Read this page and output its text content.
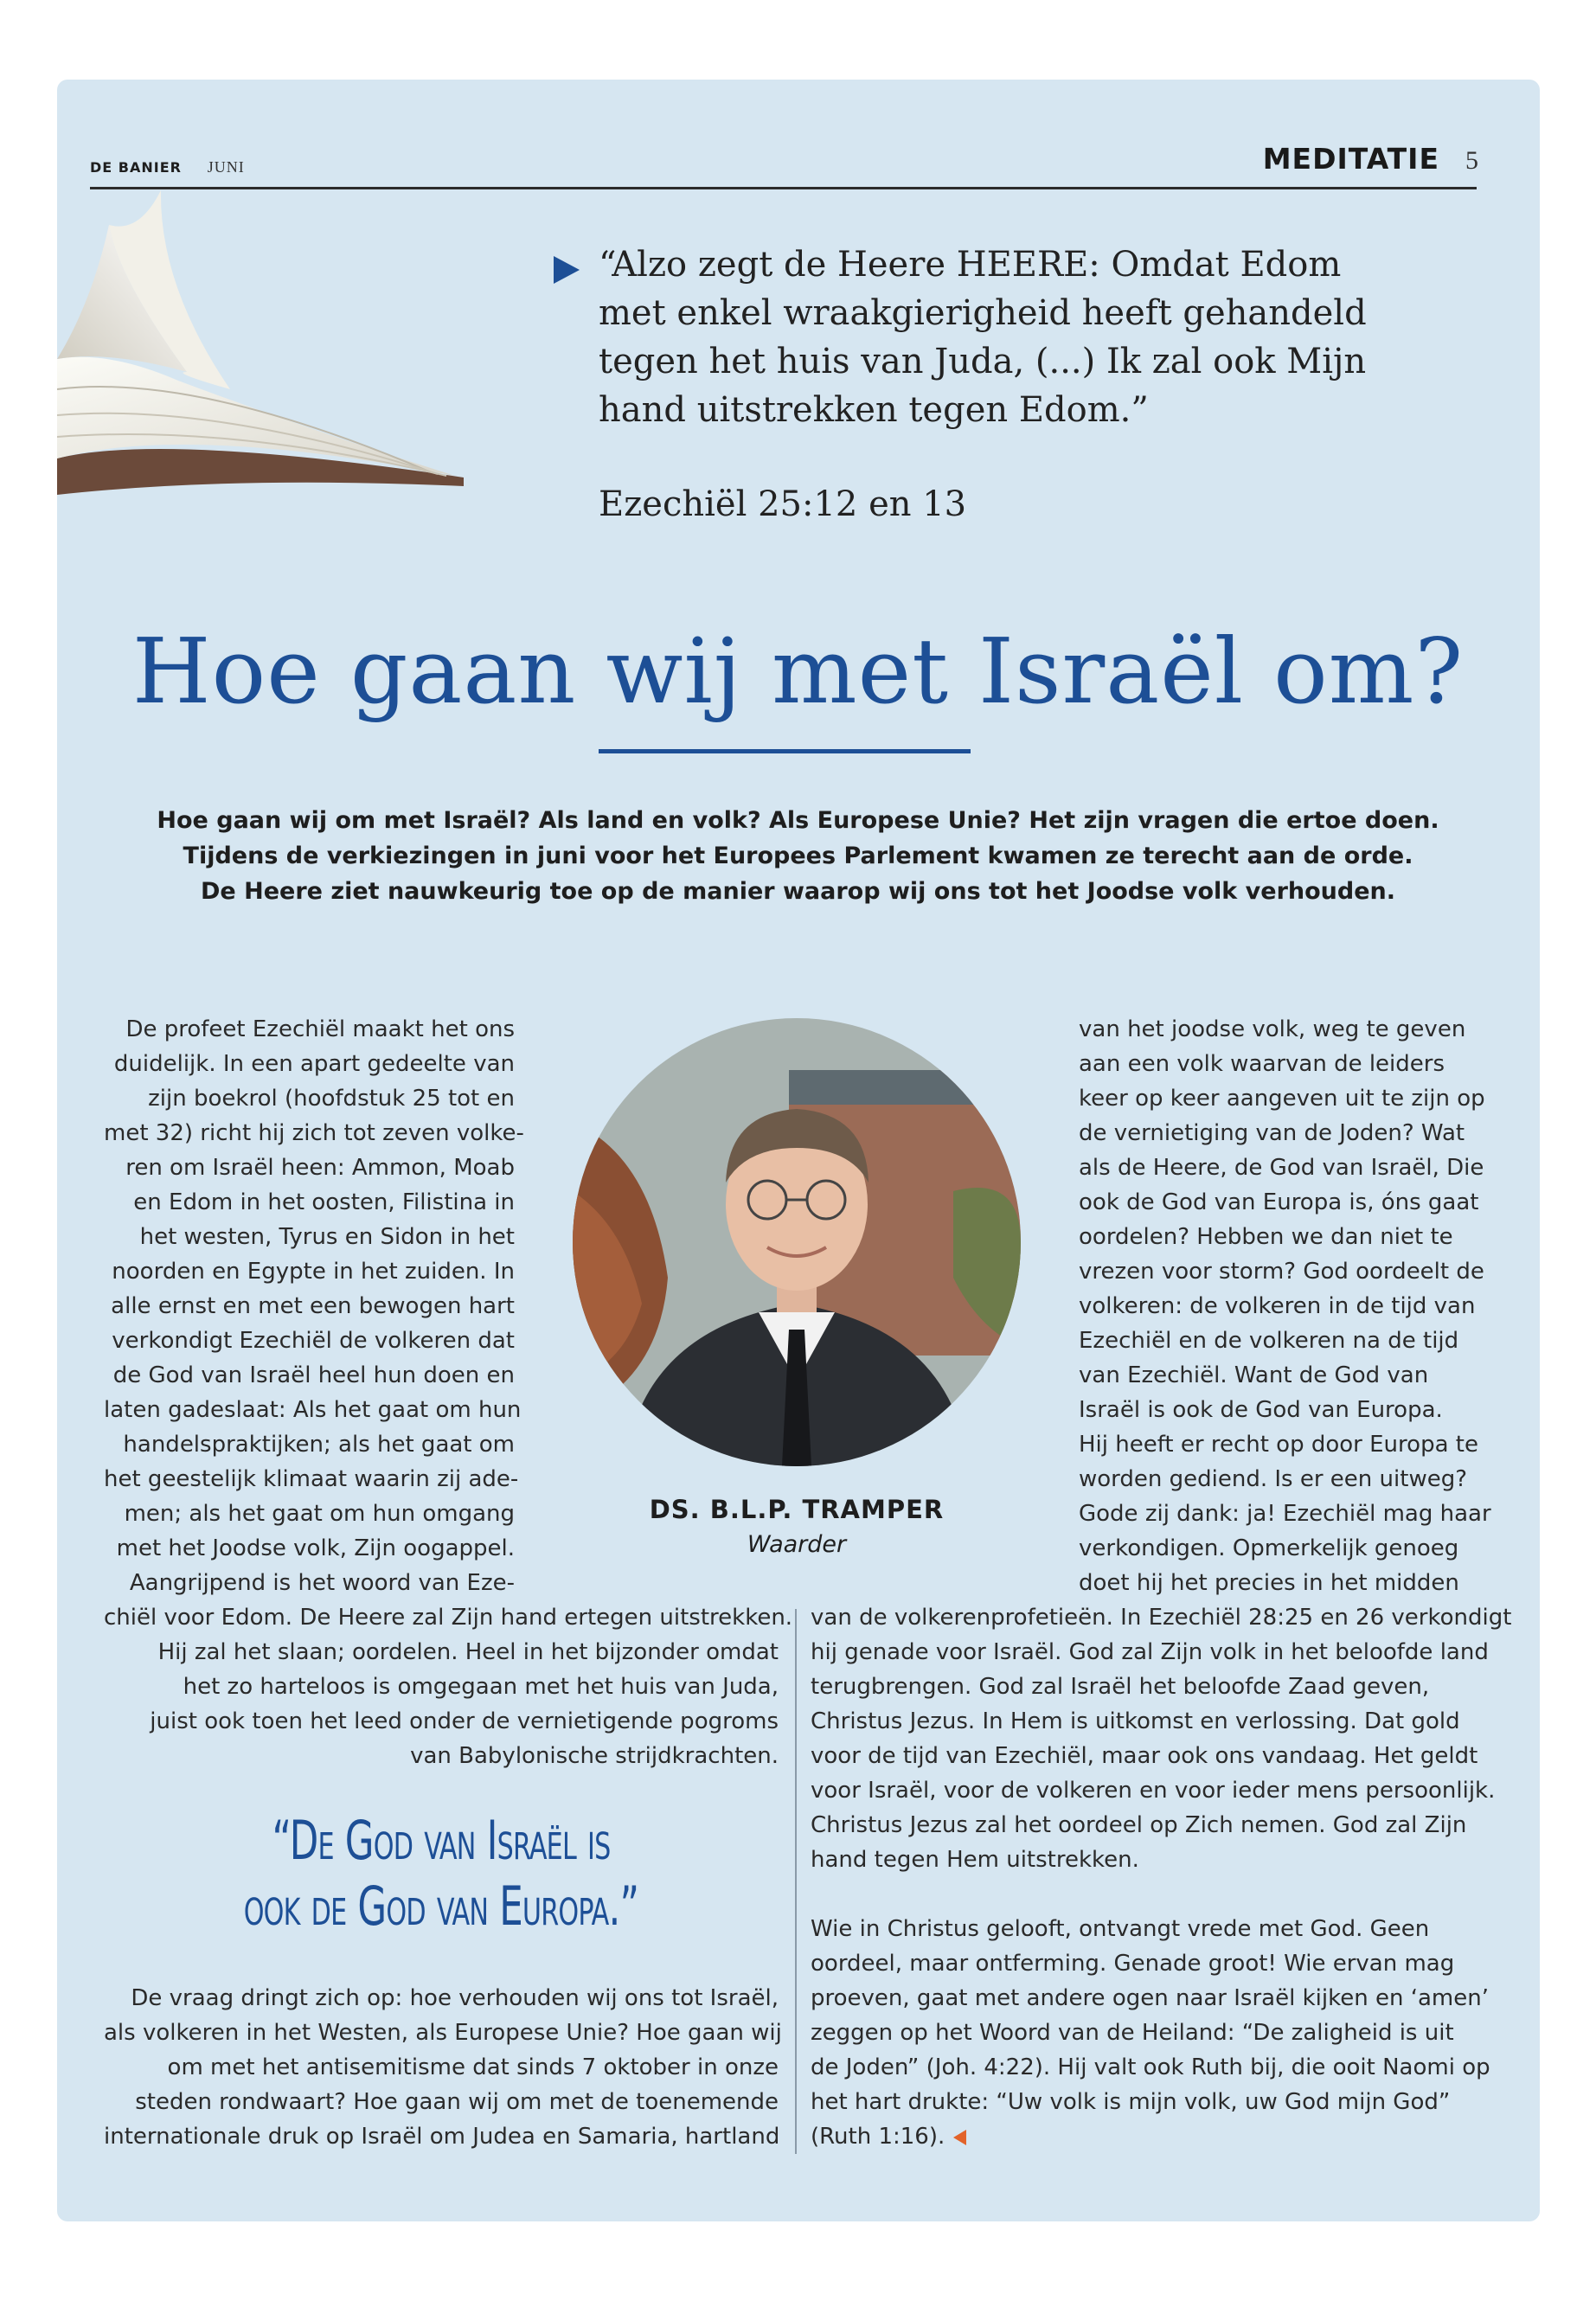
DE BANIER JUNI	MEDITATIE 5
“Alzo zegt de Heere HEERE: Omdat Edom
met enkel wraakgierigheid heeft gehandeld
tegen het huis van Juda, (...) Ik zal ook Mijn
hand uitstrekken tegen Edom.”
Ezechiël 25:12 en 13
Hoe gaan wij met Israël om?
Hoe gaan wij om met Israël? Als land en volk? Als Europese Unie? Het zijn vragen die ertoe doen.
Tijdens de verkiezingen in juni voor het Europees Parlement kwamen ze terecht aan de orde.
De Heere ziet nauwkeurig toe op de manier waarop wij ons tot het Joodse volk verhouden.
De profeet Ezechiël maakt het ons
duidelijk. In een apart gedeelte van
zijn boekrol (hoofdstuk 25 tot en
met 32) richt hij zich tot zeven volke-
ren om Israël heen: Ammon, Moab
en Edom in het oosten, Filistina in
het westen, Tyrus en Sidon in het
noorden en Egypte in het zuiden. In
alle ernst en met een bewogen hart
verkondigt Ezechiël de volkeren dat
de God van Israël heel hun doen en
laten gadeslaat: Als het gaat om hun
handelspraktijken; als het gaat om
het geestelijk klimaat waarin zij ade-
men; als het gaat om hun omgang
met het Joodse volk, Zijn oogappel.
Aangrijpend is het woord van Eze-
chiël voor Edom. De Heere zal Zijn hand ertegen uitstrekken.
Hij zal het slaan; oordelen. Heel in het bijzonder omdat
het zo harteloos is omgegaan met het huis van Juda,
juist ook toen het leed onder de vernietigende pogroms
van Babylonische strijdkrachten.
“De God van Israël is
ook de God van Europa.”
De vraag dringt zich op: hoe verhouden wij ons tot Israël,
als volkeren in het Westen, als Europese Unie? Hoe gaan wij
om met het antisemitisme dat sinds 7 oktober in onze
steden rondwaart? Hoe gaan wij om met de toenemende
internationale druk op Israël om Judea en Samaria, hartland
DS. B.L.P. TRAMPER
Waarder
van het joodse volk, weg te geven
aan een volk waarvan de leiders
keer op keer aangeven uit te zijn op
de vernietiging van de Joden? Wat
als de Heere, de God van Israël, Die
ook de God van Europa is, óns gaat
oordelen? Hebben we dan niet te
vrezen voor storm? God oordeelt de
volkeren: de volkeren in de tijd van
Ezechiël en de volkeren na de tijd
van Ezechiël. Want de God van
Israël is ook de God van Europa.
Hij heeft er recht op door Europa te
worden gediend. Is er een uitweg?
Gode zij dank: ja! Ezechiël mag haar
verkondigen. Opmerkelijk genoeg
doet hij het precies in het midden
van de volkerenprofetieën. In Ezechiël 28:25 en 26 verkondigt
hij genade voor Israël. God zal Zijn volk in het beloofde land
terugbrengen. God zal Israël het beloofde Zaad geven,
Christus Jezus. In Hem is uitkomst en verlossing. Dat gold
voor de tijd van Ezechiël, maar ook ons vandaag. Het geldt
voor Israël, voor de volkeren en voor ieder mens persoonlijk.
Christus Jezus zal het oordeel op Zich nemen. God zal Zijn
hand tegen Hem uitstrekken.
Wie in Christus gelooft, ontvangt vrede met God. Geen
oordeel, maar ontferming. Genade groot! Wie ervan mag
proeven, gaat met andere ogen naar Israël kijken en ‘amen’
zeggen op het Woord van de Heiland: “De zaligheid is uit
de Joden” (Joh. 4:22). Hij valt ook Ruth bij, die ooit Naomi op
het hart drukte: “Uw volk is mijn volk, uw God mijn God”
(Ruth 1:16).
